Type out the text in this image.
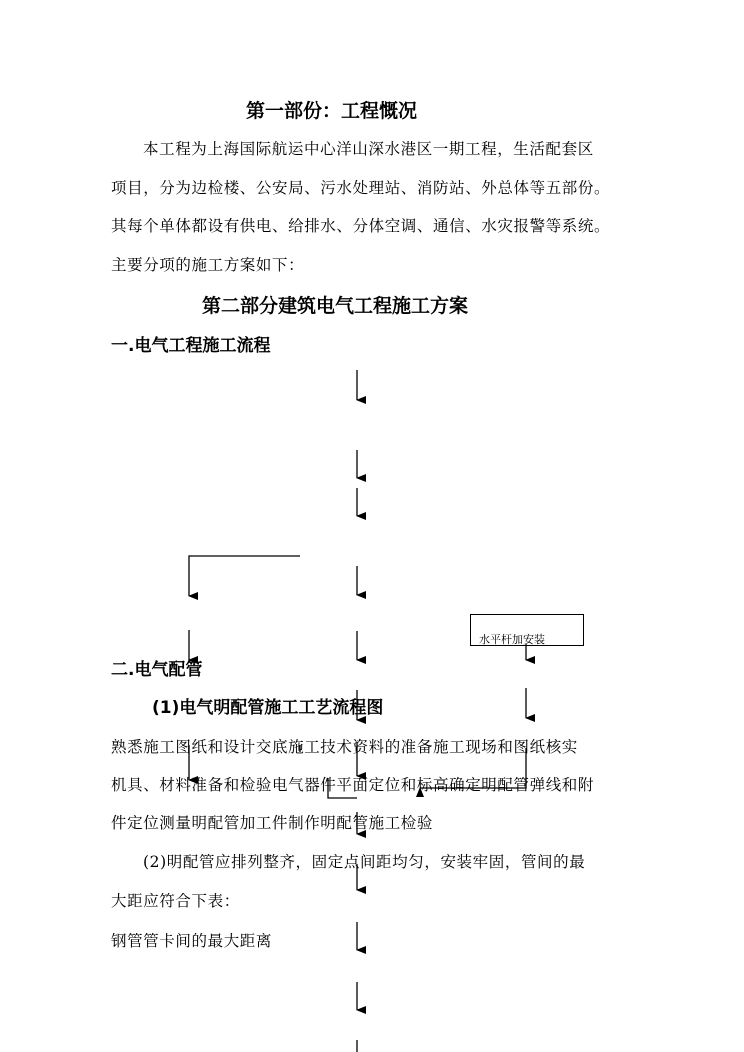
第一部份：工程慨况
本工程为上海国际航运中心洋山深水港区一期工程，生活配套区
项目，分为边检楼、公安局、污水处理站、消防站、外总体等五部份。
其每个单体都设有供电、给排水、分体空调、通信、水灾报警等系统。
主要分项的施工方案如下：
第二部分建筑电气工程施工方案
一.电气工程施工流程
水平杆加安装
二.电气配管
(1)电气明配管施工工艺流程图
熟悉施工图纸和设计交底施工技术资料的准备施工现场和图纸核实
机具、材料准备和检验电气器件平面定位和标高确定明配管弹线和附
件定位测量明配管加工件制作明配管施工检验
(2)明配管应排列整齐，固定点间距均匀，安装牢固，管间的最
大距应符合下表：
钢管管卡间的最大距离
